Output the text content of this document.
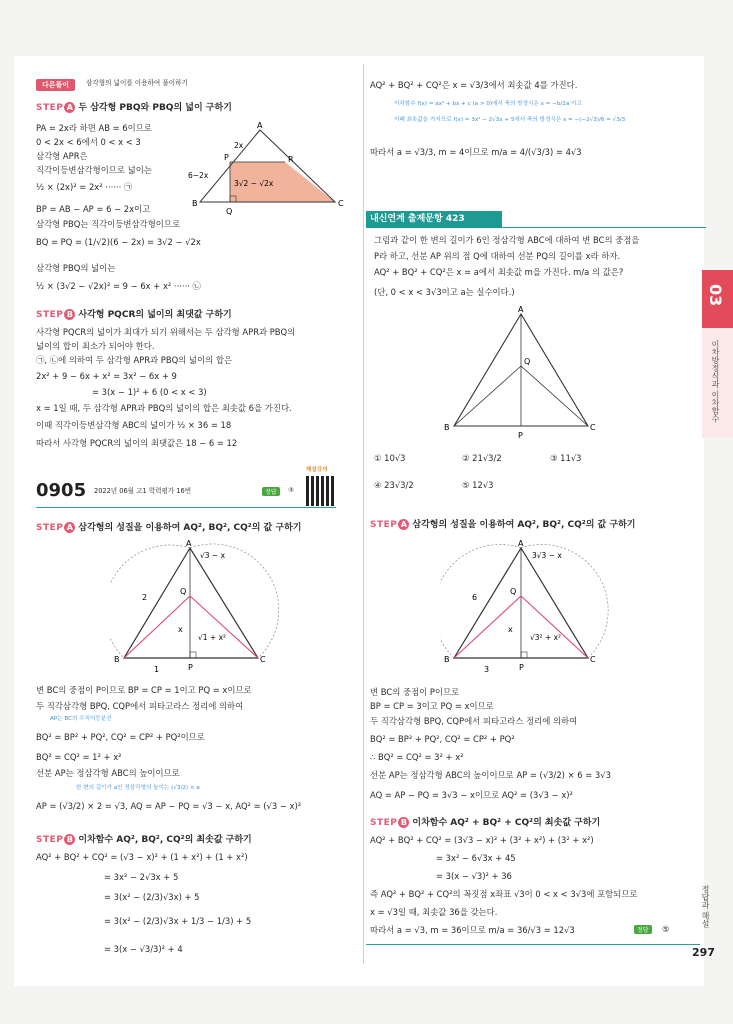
다른풀이	삼각형의 넓이를 이용하여 풀이하기
STEP A 두 삼각형 PBQ와 PBQ의 넓이 구하기
PA = 2x라 하면 AB = 6이므로
0 < 2x < 6에서 0 < x < 3
삼각형 APR은
직각이등변삼각형이므로 넓이는
½ × (2x)² = 2x² ······ ㉠
BP = AB − AP = 6 − 2x이고
삼각형 PBQ는 직각이등변삼각형이므로
BQ = PQ = (1/√2)(6 − 2x) = 3√2 − √2x
삼각형 PBQ의 넓이는
½ × (3√2 − √2x)² = 9 − 6x + x² ······ ㉡
A
B	C
P
Q
R
2x
6−2x
3√2 − √2x
STEP B 사각형 PQCR의 넓이의 최댓값 구하기
사각형 PQCR의 넓이가 최대가 되기 위해서는 두 삼각형 APR과 PBQ의
넓이의 합이 최소가 되어야 한다.
㉠, ㉡에 의하여 두 삼각형 APR과 PBQ의 넓이의 합은
2x² + 9 − 6x + x² = 3x² − 6x + 9
= 3(x − 1)² + 6 (0 < x < 3)
x = 1일 때, 두 삼각형 APR과 PBQ의 넓이의 합은 최솟값 6을 가진다.
이때 직각이등변삼각형 ABC의 넓이가 ½ × 36 = 18
따라서 사각형 PQCR의 넓이의 최댓값은 18 − 6 = 12
0905 2022년 06월 고1 학력평가 16번	정답	③
해설강의
STEP A 삼각형의 성질을 이용하여 AQ², BQ², CQ²의 값 구하기
A
B	C
P
Q
2
1
x
√3 − x
√1 + x²
변 BC의 중점이 P이므로 BP = CP = 1이고 PQ = x이므로
두 직각삼각형 BPQ, CQP에서 피타고라스 정리에 의하여
AP는 BC의 수직이등분선
BQ² = BP² + PQ², CQ² = CP² + PQ²이므로
BQ² = CQ² = 1² + x²
선분 AP는 정삼각형 ABC의 높이이므로
한 변의 길이가 a인 정삼각형의 높이는 (√3/2) × a
AP = (√3/2) × 2 = √3, AQ = AP − PQ = √3 − x, AQ² = (√3 − x)²
STEP B 이차함수 AQ², BQ², CQ²의 최솟값 구하기
AQ² + BQ² + CQ² = (√3 − x)² + (1 + x²) + (1 + x²)
= 3x² − 2√3x + 5
= 3(x² − (2/3)√3x) + 5
= 3(x² − (2/3)√3x + 1/3 − 1/3) + 5
= 3(x − √3/3)² + 4
AQ² + BQ² + CQ²은 x = √3/3에서 최솟값 4를 가진다.
이차함수 f(x) = ax² + bx + c (a > 0)에서 축의 방정식은 x = −b/2a 이고
이때 최솟값을 가지므로 f(x) = 3x² − 2√3x + 5에서 축의 방정식은 x = −(−2√3)/6 = √3/3
따라서 a = √3/3, m = 4이므로 m/a = 4/(√3/3) = 4√3
내신연계 출제문항 423
그림과 같이 한 변의 길이가 6인 정삼각형 ABC에 대하여 변 BC의 중점을
P라 하고, 선분 AP 위의 점 Q에 대하여 선분 PQ의 길이를 x라 하자.
AQ² + BQ² + CQ²은 x = a에서 최솟값 m을 가진다. m/a 의 값은?
(단, 0 < x < 3√3이고 a는 실수이다.)
A
B	C
P
Q
① 10√3	② 21√3/2	③ 11√3
④ 23√3/2	⑤ 12√3
STEP A 삼각형의 성질을 이용하여 AQ², BQ², CQ²의 값 구하기
A
B	C
P
Q
6
3
x
3√3 − x
√3² + x²
변 BC의 중점이 P이므로
BP = CP = 3이고 PQ = x이므로
두 직각삼각형 BPQ, CQP에서 피타고라스 정리에 의하여
BQ² = BP² + PQ², CQ² = CP² + PQ²
∴ BQ² = CQ² = 3² + x²
선분 AP는 정삼각형 ABC의 높이이므로 AP = (√3/2) × 6 = 3√3
AQ = AP − PQ = 3√3 − x이므로 AQ² = (3√3 − x)²
STEP B 이차함수 AQ² + BQ² + CQ²의 최솟값 구하기
AQ² + BQ² + CQ² = (3√3 − x)² + (3² + x²) + (3² + x²)
= 3x² − 6√3x + 45
= 3(x − √3)² + 36
즉 AQ² + BQ² + CQ²의 꼭짓점 x좌표 √3이 0 < x < 3√3에 포함되므로
x = √3일 때, 최솟값 36을 갖는다.
따라서 a = √3, m = 36이므로 m/a = 36/√3 = 12√3	정답	⑤
03
이차방정식과 이차함수
정답과 해설
297
